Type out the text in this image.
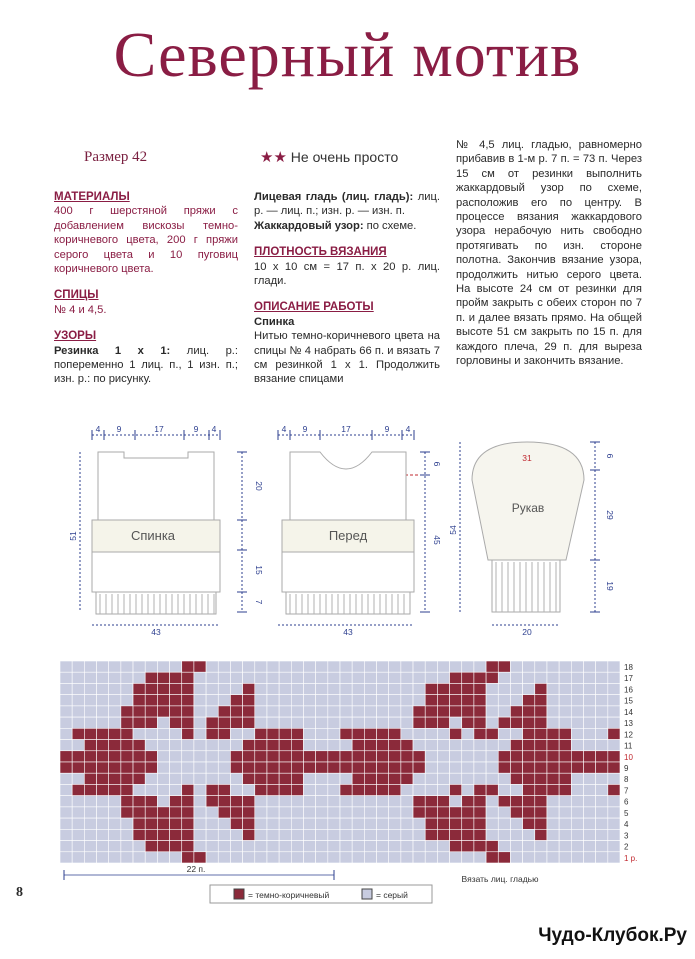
Северный мотив
Размер 42
МАТЕРИАЛЫ
400 г шерстяной пряжи с добавлением вискозы темно-коричневого цвета, 200 г пряжи серого цвета и 10 пуговиц коричневого цвета.
СПИЦЫ
№ 4 и 4,5.
УЗОРЫ
Резинка 1 х 1: лиц. р.: попеременно 1 лиц. п., 1 изн. п.; изн. р.: по рисунку.
★★ Не очень просто
Лицевая гладь (лиц. гладь): лиц. р. — лиц. п.; изн. р. — изн. п.
Жаккардовый узор: по схеме.
ПЛОТНОСТЬ ВЯЗАНИЯ
10 х 10 см = 17 п. х 20 р. лиц. глади.
ОПИСАНИЕ РАБОТЫ
Спинка
Нитью темно-коричневого цвета на спицы № 4 набрать 66 п. и вязать 7 см резинкой 1 х 1. Продолжить вязание спицами
№ 4,5 лиц. гладью, равномерно прибавив в 1-м р. 7 п. = 73 п. Через 15 см от резинки выполнить жаккардовый узор по схеме, расположив его по центру. В процессе вязания жаккардового узора нерабочую нить свободно протягивать по изн. стороне полотна. Закончив вязание узора, продолжить нитью серого цвета. На высоте 24 см от резинки для пройм закрыть с обеих сторон по 7 п. и далее вязать прямо. На общей высоте 51 см закрыть по 15 п. для каждого плеча, 29 п. для выреза горловины и закончить вязание.
Спинка	Перед
Рукав
4 9	17	9 4	4 9	17	9 4
43	43	20
31
51
20
15
7
6
45
54
6
29
19
1 р.
2
3
4
5
6
7
8
9
10
11
12
13
14
15
16
17
18
22 п.
Вязать лиц. гладью
= темно-коричневый	= серый
8
Чудо-Клубок.Ру
